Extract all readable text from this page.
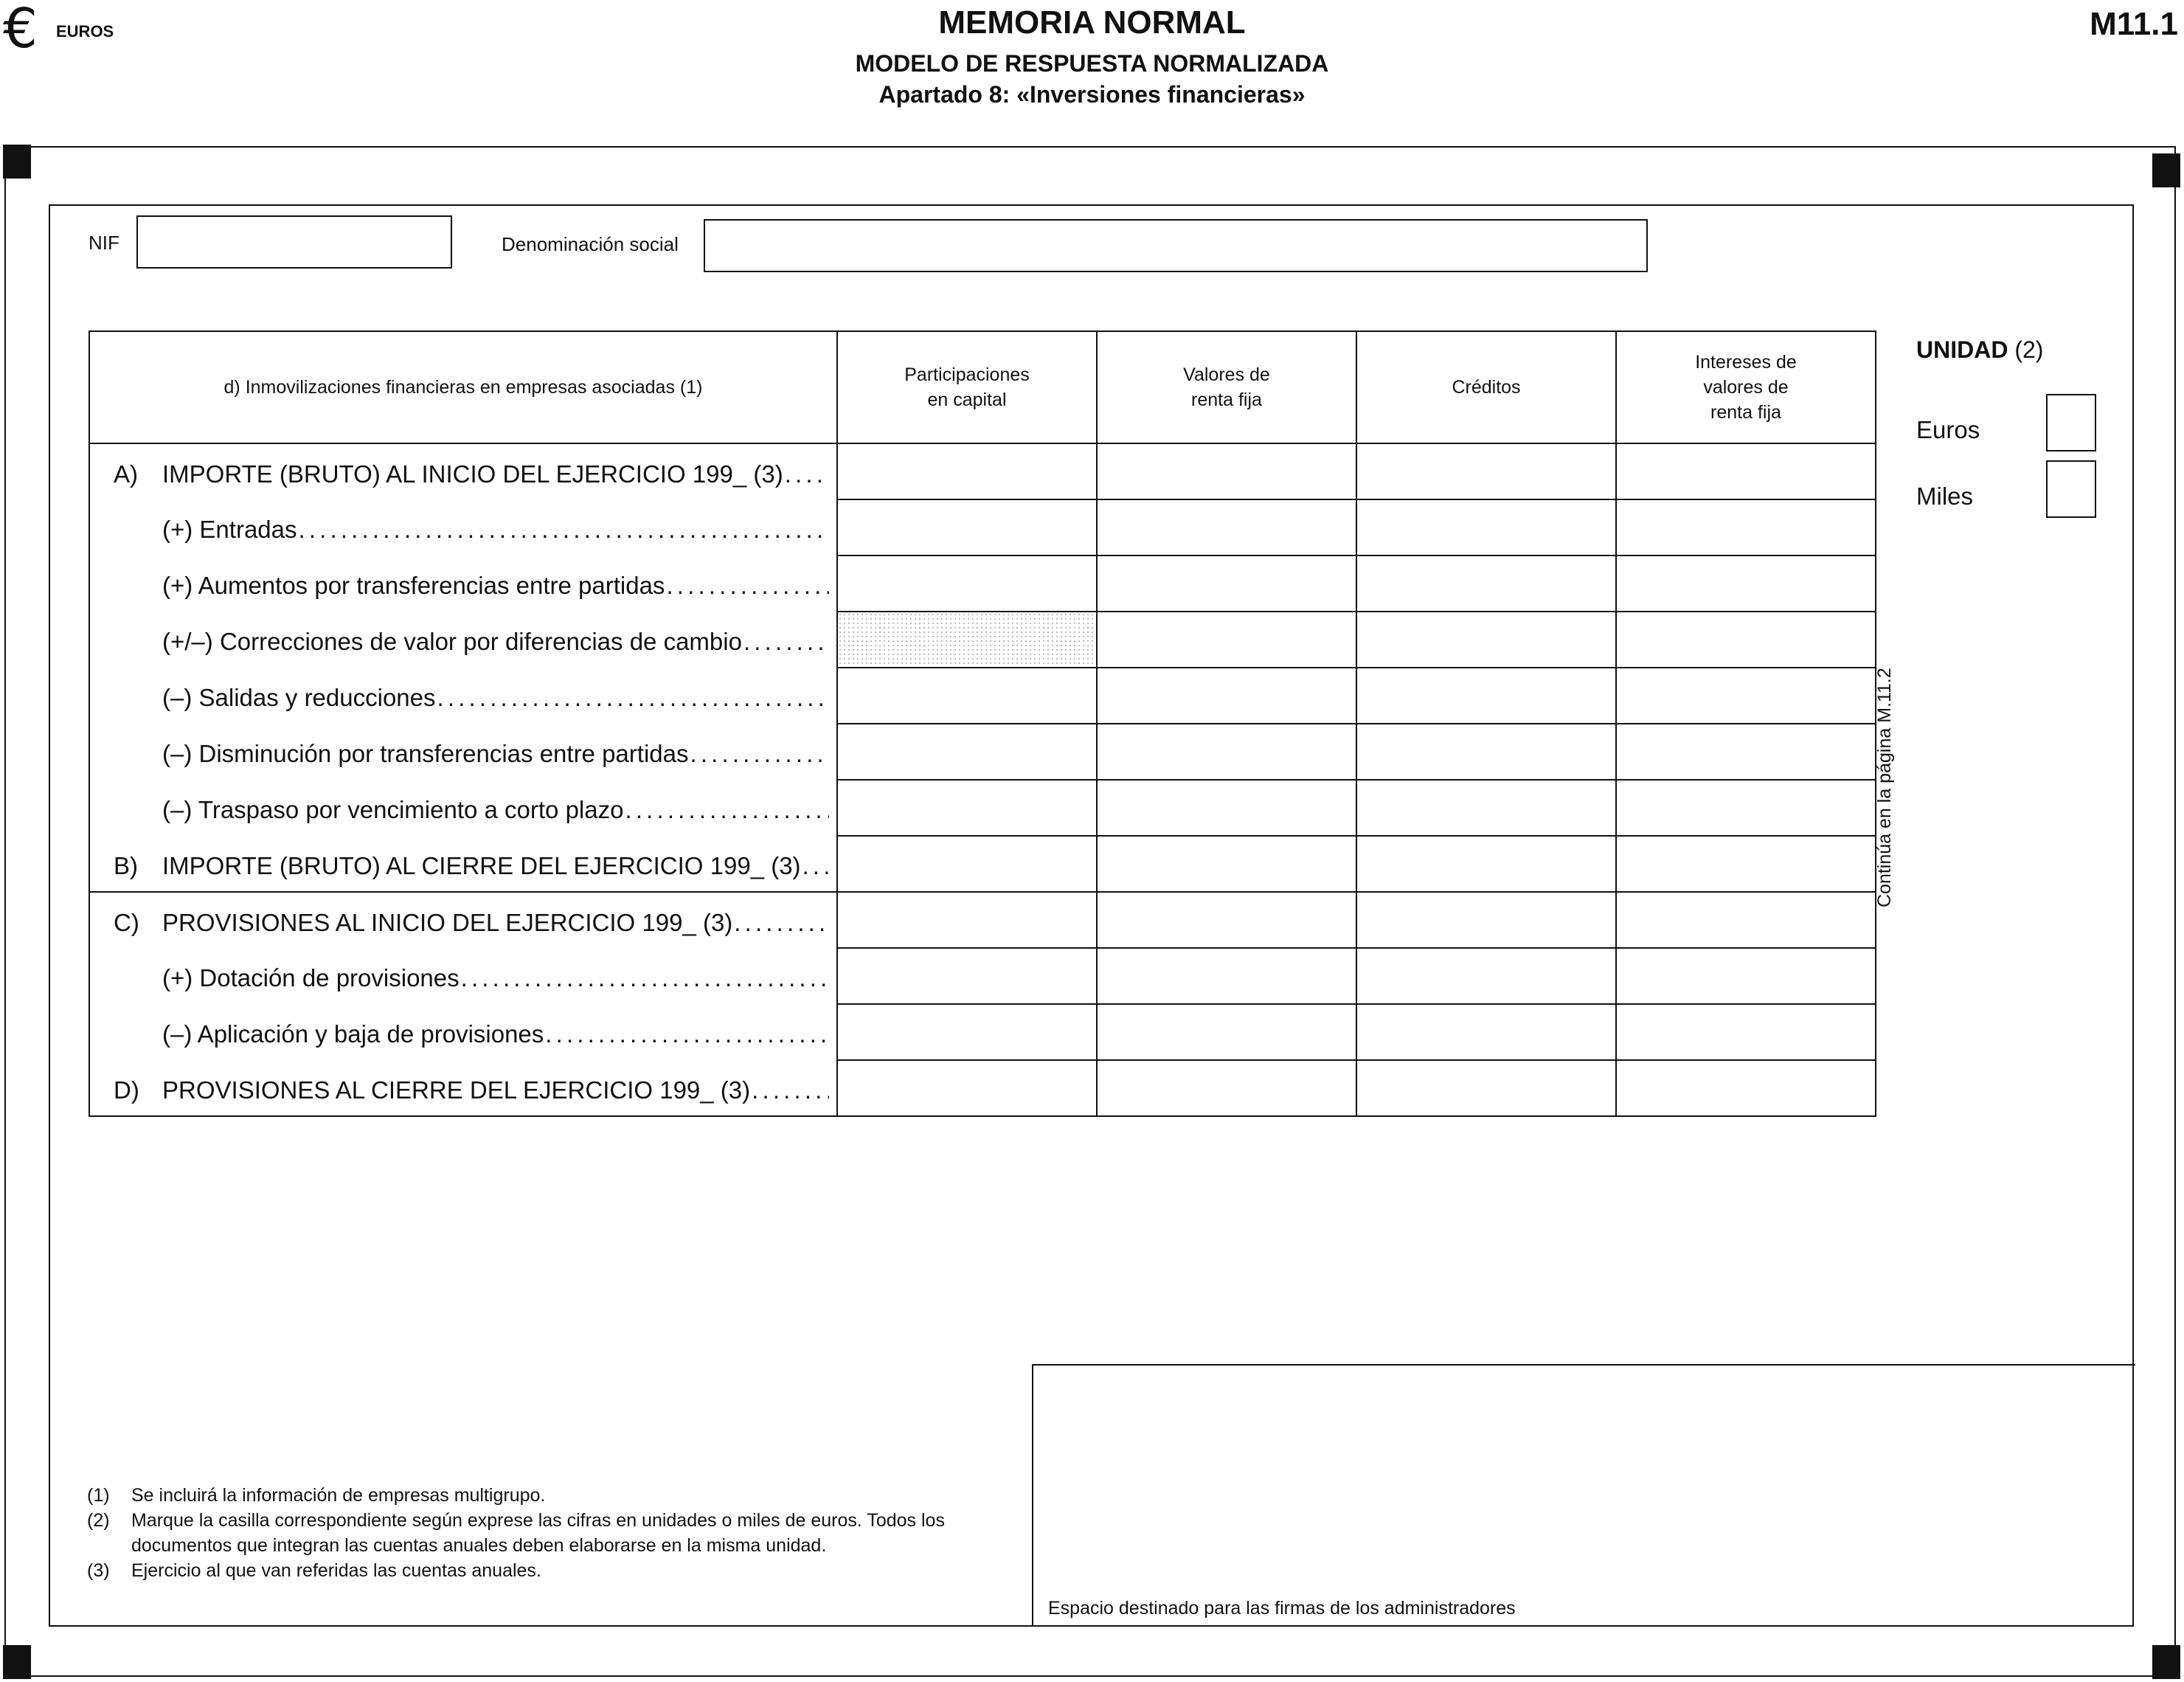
€ EUROS	MEMORIA NORMAL
MODELO DE RESPUESTA NORMALIZADA
Apartado 8: «Inversiones financieras»
M11.1
NIF	Denominación social
d) Inmovilizaciones financieras en empresas asociadas (1)	Participaciones en capital	Valores de renta fija	Créditos	Intereses de valores de renta fija

A) IMPORTE (BRUTO) AL INICIO DEL EJERCICIO 199_ (3)
. . .

(+) Entradas
. . .

(+) Aumentos por transferencias entre partidas
. . .

(+/–) Correcciones de valor por diferencias de cambio
. . .

(–) Salidas y reducciones
. . .

(–) Disminución por transferencias entre partidas
. . .

(–) Traspaso por vencimiento a corto plazo
. . .

B) IMPORTE (BRUTO) AL CIERRE DEL EJERCICIO 199_ (3)
. . .

C) PROVISIONES AL INICIO DEL EJERCICIO 199_ (3)
. . .

(+) Dotación de provisiones
. . .

(–) Aplicación y baja de provisiones
. . .

D) PROVISIONES AL CIERRE DEL EJERCICIO 199_ (3)
. . .

UNIDAD (2)
Euros
Miles
Continúa en la página M.11.2
Espacio destinado para las firmas de los administradores
(1)	Se incluirá la información de empresas multigrupo.
(2)	Marque la casilla correspondiente según exprese las cifras en unidades o miles de euros. Todos los documentos que integran las cuentas anuales deben elaborarse en la misma unidad.
(3)	Ejercicio al que van referidas las cuentas anuales.
